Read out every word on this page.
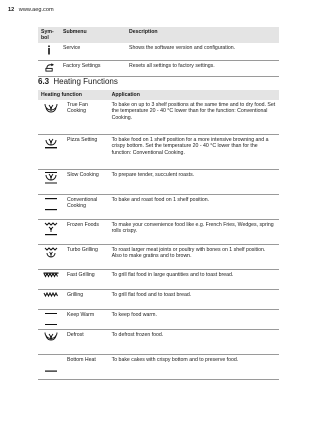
12 www.aeg.com
Sym-
bol	Submenu	Description
	Service	Shows the software version and configuration.
	Factory Settings	Resets all settings to factory settings.
6.3 Heating Functions
Heating function		Application

	True Fan Cooking	To bake on up to 3 shelf positions at the same time and to dry food. Set the temperature 20 - 40 °C lower than for the function: Conventional Cooking.

	Pizza Setting	To bake food on 1 shelf position for a more intensive browning and a crispy bottom. Set the temperature 20 - 40 °C lower than for the function: Conventional Cooking.

	Slow Cooking	To prepare tender, succulent roasts.

	Conventional Cooking	To bake and roast food on 1 shelf position.

	Frozen Foods	To make your convenience food like e.g. French Fries, Wedges, spring rolls crispy.

	Turbo Grilling	To roast larger meat joints or poultry with bones on 1 shelf position. Also to make gratins and to brown.

	Fast Grilling	To grill flat food in large quantities and to toast bread.

	Grilling	To grill flat food and to toast bread.

	Keep Warm	To keep food warm.

	Defrost	To defrost frozen food.

	Bottom Heat	To bake cakes with crispy bottom and to preserve food.
